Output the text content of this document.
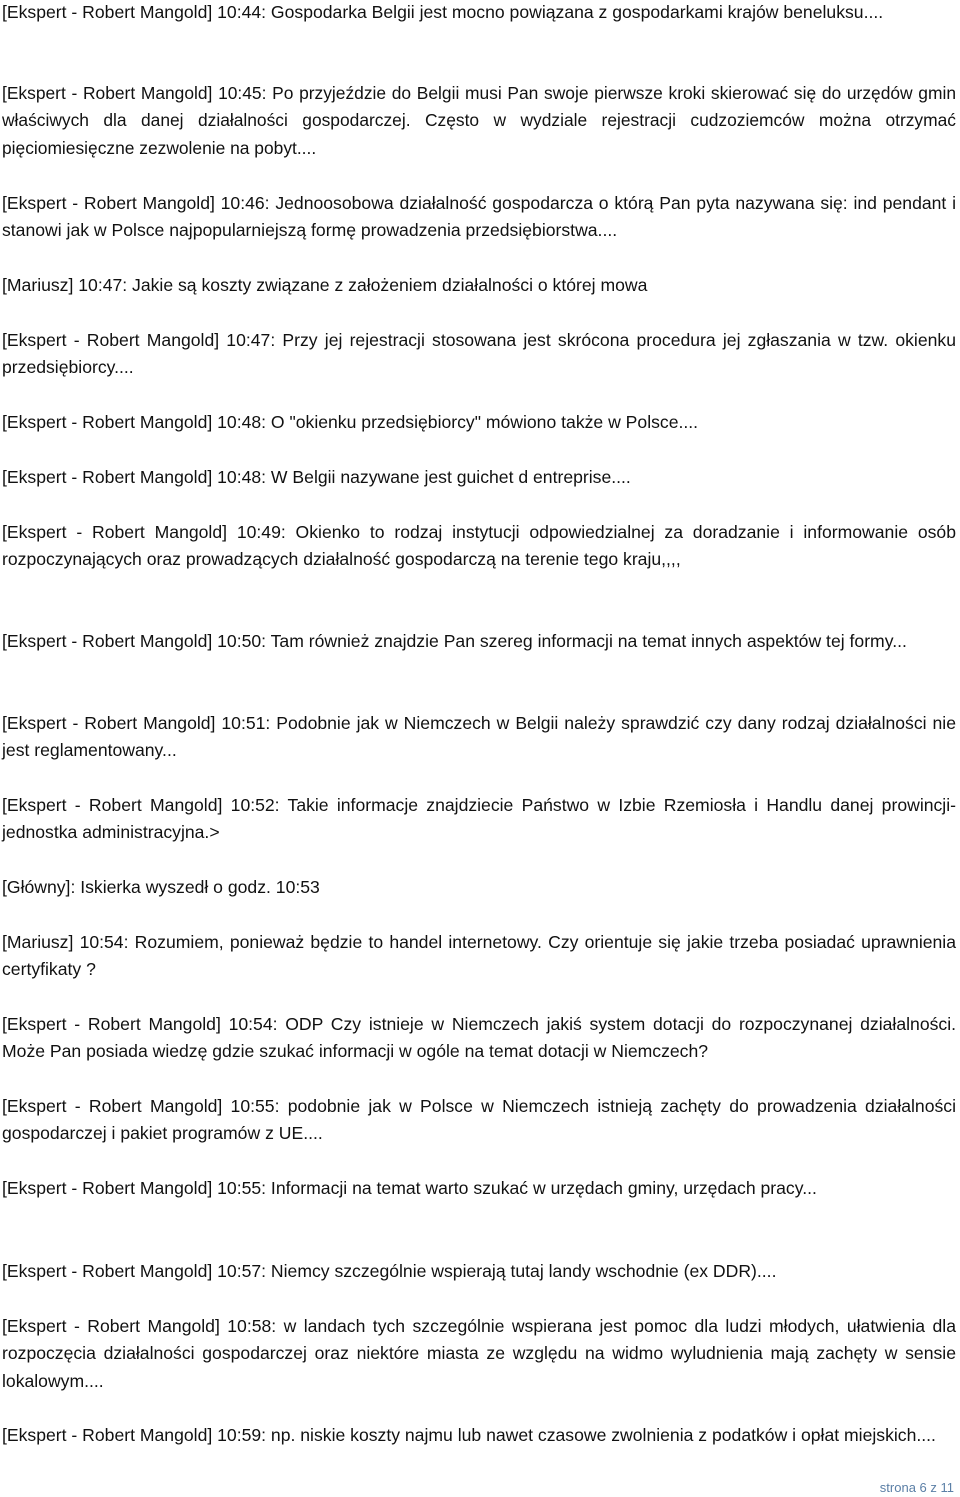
[Ekspert - Robert Mangold] 10:44: Gospodarka Belgii jest mocno powiązana z gospodarkami krajów beneluksu....

[Ekspert - Robert Mangold] 10:45: Po przyjeździe do Belgii musi Pan swoje pierwsze kroki skierować się do urzędów gmin właściwych dla danej działalności gospodarczej. Często w wydziale rejestracji cudzoziemców można otrzymać pięciomiesięczne zezwolenie na pobyt....

[Ekspert - Robert Mangold] 10:46: Jednoosobowa działalność gospodarcza o którą Pan pyta nazywana się: ind pendant i stanowi jak w Polsce najpopularniejszą formę prowadzenia przedsiębiorstwa....

[Mariusz] 10:47: Jakie są koszty związane z założeniem działalności o której mowa

[Ekspert - Robert Mangold] 10:47: Przy jej rejestracji stosowana jest skrócona procedura jej zgłaszania w tzw. okienku przedsiębiorcy....

[Ekspert - Robert Mangold] 10:48: O "okienku przedsiębiorcy" mówiono także w Polsce....

[Ekspert - Robert Mangold] 10:48: W Belgii nazywane jest guichet d entreprise....

[Ekspert - Robert Mangold] 10:49: Okienko to rodzaj instytucji odpowiedzialnej za doradzanie i informowanie osób rozpoczynających oraz prowadzących działalność gospodarczą na terenie tego kraju,,,,

[Ekspert - Robert Mangold] 10:50: Tam również znajdzie Pan szereg informacji na temat innych aspektów tej formy...

[Ekspert - Robert Mangold] 10:51: Podobnie jak w Niemczech w Belgii należy sprawdzić czy dany rodzaj działalności nie jest reglamentowany...

[Ekspert - Robert Mangold] 10:52: Takie informacje znajdziecie Państwo w Izbie Rzemiosła i Handlu danej prowincji- jednostka administracyjna.>

[Główny]: Iskierka wyszedł o godz. 10:53

[Mariusz] 10:54: Rozumiem, ponieważ będzie to handel internetowy. Czy orientuje się jakie trzeba posiadać uprawnienia certyfikaty ?

[Ekspert - Robert Mangold] 10:54: ODP Czy istnieje w Niemczech jakiś system dotacji do rozpoczynanej działalności. Może Pan posiada wiedzę gdzie szukać informacji w ogóle na temat dotacji w Niemczech?

[Ekspert - Robert Mangold] 10:55: podobnie jak w Polsce w Niemczech istnieją zachęty do prowadzenia działalności gospodarczej i pakiet programów z UE....

[Ekspert - Robert Mangold] 10:55: Informacji na temat warto szukać w urzędach gminy, urzędach pracy...

[Ekspert - Robert Mangold] 10:57: Niemcy szczególnie wspierają tutaj landy wschodnie (ex DDR)....

[Ekspert - Robert Mangold] 10:58: w landach tych szczególnie wspierana jest pomoc dla ludzi młodych, ułatwienia dla rozpoczęcia działalności gospodarczej oraz niektóre miasta ze względu na widmo wyludnienia mają zachęty w sensie lokalowym....

[Ekspert - Robert Mangold] 10:59: np. niskie koszty najmu lub nawet czasowe zwolnienia z podatków i opłat miejskich....

strona 6 z 11
